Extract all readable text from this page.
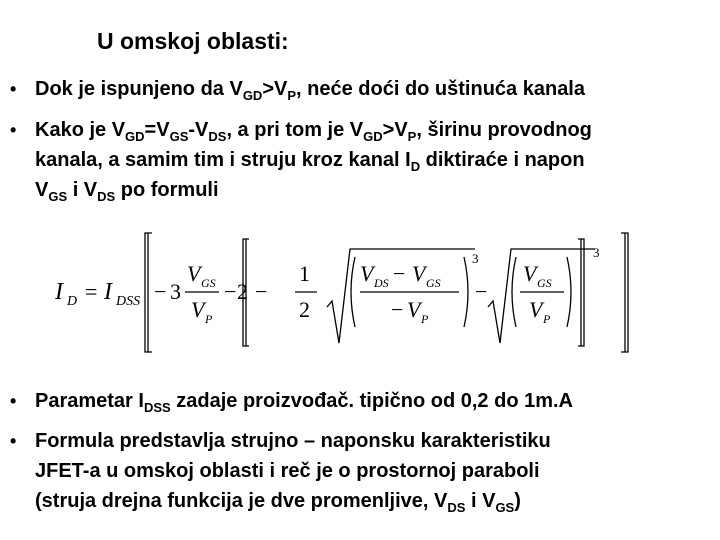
U omskoj oblasti:
• Dok je ispunjeno da $V_{GD}>V_P$, neće doći do uštinuća kanala
• Kako je $V_{GD}=V_{GS}-V_{DS}$, a pri tom je $V_{GD}>V_P$, širinu provodnog
kanala, a samim tim i struju kroz kanal $I_D$ diktiraće i napon
$V_{GS}$ i $V_{DS}$ po formuli
I D = I DSS − 3
V GS
V P
− 2 −
1
2
V DS − V GS
− V P
3
−
V GS
V P
3
• Parametar $I_{DSS}$ zadaje proizvođač. tipično od 0,2 do 1m.A
• Formula predstavlja strujno – naponsku karakteristiku
JFET-a u omskoj oblasti i reč je o prostornoj paraboli
(struja drejna funkcija je dve promenljive, $V_{DS}$ i $V_{GS}$)
